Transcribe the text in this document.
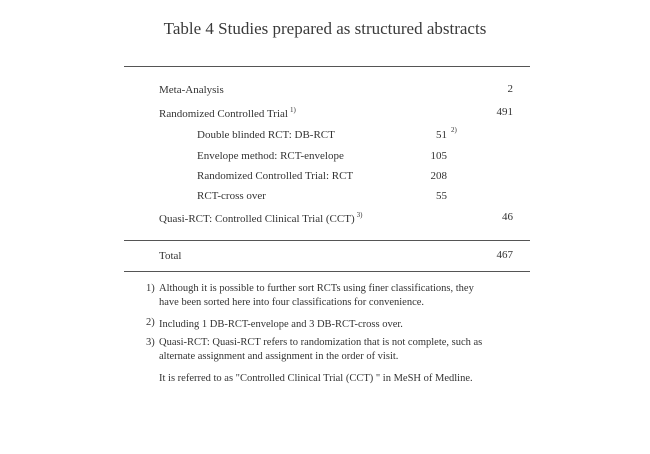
Table 4 Studies prepared as structured abstracts
Meta-Analysis	2
Randomized Controlled Trial $^{1)}$	491
Double blinded RCT: DB-RCT	51 2)
Envelope method: RCT-envelope	105
Randomized Controlled Trial: RCT	208
RCT-cross over	55
Quasi-RCT: Controlled Clinical Trial (CCT) $^{3)}$	46
Total	467
1) Although it is possible to further sort RCTs using finer classifications, they
have been sorted here into four classifications for convenience.
2) Including 1 DB-RCT-envelope and 3 DB-RCT-cross over.
3) Quasi-RCT: Quasi-RCT refers to randomization that is not complete, such as
alternate assignment and assignment in the order of visit.
It is referred to as "Controlled Clinical Trial (CCT) " in MeSH of Medline.
